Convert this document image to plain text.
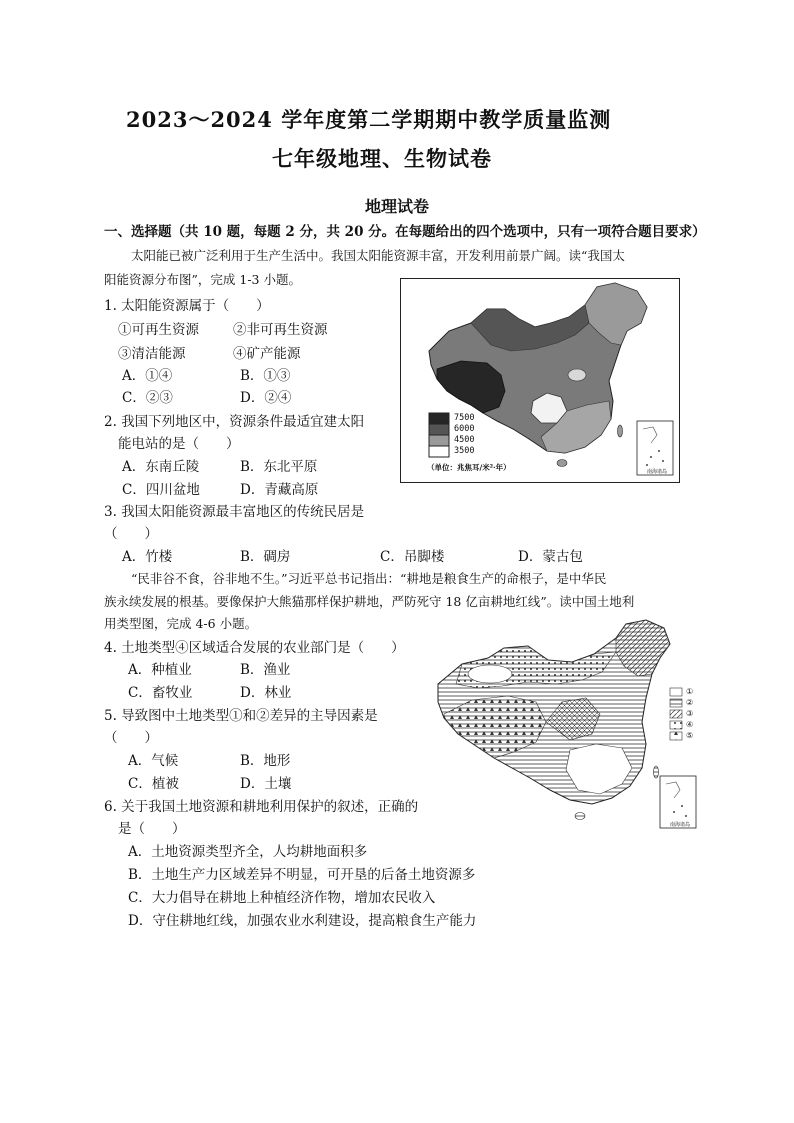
2023～2024 学年度第二学期期中教学质量监测
七年级地理、生物试卷
地理试卷
一、选择题（共 10 题，每题 2 分，共 20 分。在每题给出的四个选项中，只有一项符合题目要求）
太阳能已被广泛利用于生产生活中。我国太阳能资源丰富，开发利用前景广阔。读“我国太
阳能资源分布图”，完成 1-3 小题。
1. 太阳能资源属于（　　）
①可再生资源	②非可再生资源
③清洁能源	④矿产能源
A．①④	B．①③
C．②③	D．②④
2. 我国下列地区中，资源条件最适宜建太阳
能电站的是（　　）
A．东南丘陵	B．东北平原
C．四川盆地	D．青藏高原
3. 我国太阳能资源最丰富地区的传统民居是
（　　）
A．竹楼	B．碉房	C．吊脚楼	D．蒙古包
“民非谷不食，谷非地不生。”习近平总书记指出：“耕地是粮食生产的命根子，是中华民
族永续发展的根基。要像保护大熊猫那样保护耕地，严防死守 18 亿亩耕地红线”。读中国土地利
用类型图，完成 4-6 小题。
4. 土地类型④区域适合发展的农业部门是（　　）
A．种植业	B．渔业
C．畜牧业	D．林业
5. 导致图中土地类型①和②差异的主导因素是
（　　）
A．气候	B．地形
C．植被	D．土壤
6. 关于我国土地资源和耕地利用保护的叙述，正确的
是（　　）
A．土地资源类型齐全，人均耕地面积多
B．土地生产力区域差异不明显，可开垦的后备土地资源多
C．大力倡导在耕地上种植经济作物，增加农民收入
D．守住耕地红线，加强农业水利建设，提高粮食生产能力
7500
6000
4500
3500
（单位：兆焦耳/米²·年）	南海诸岛
①
②
③
④
⑤
南海诸岛
